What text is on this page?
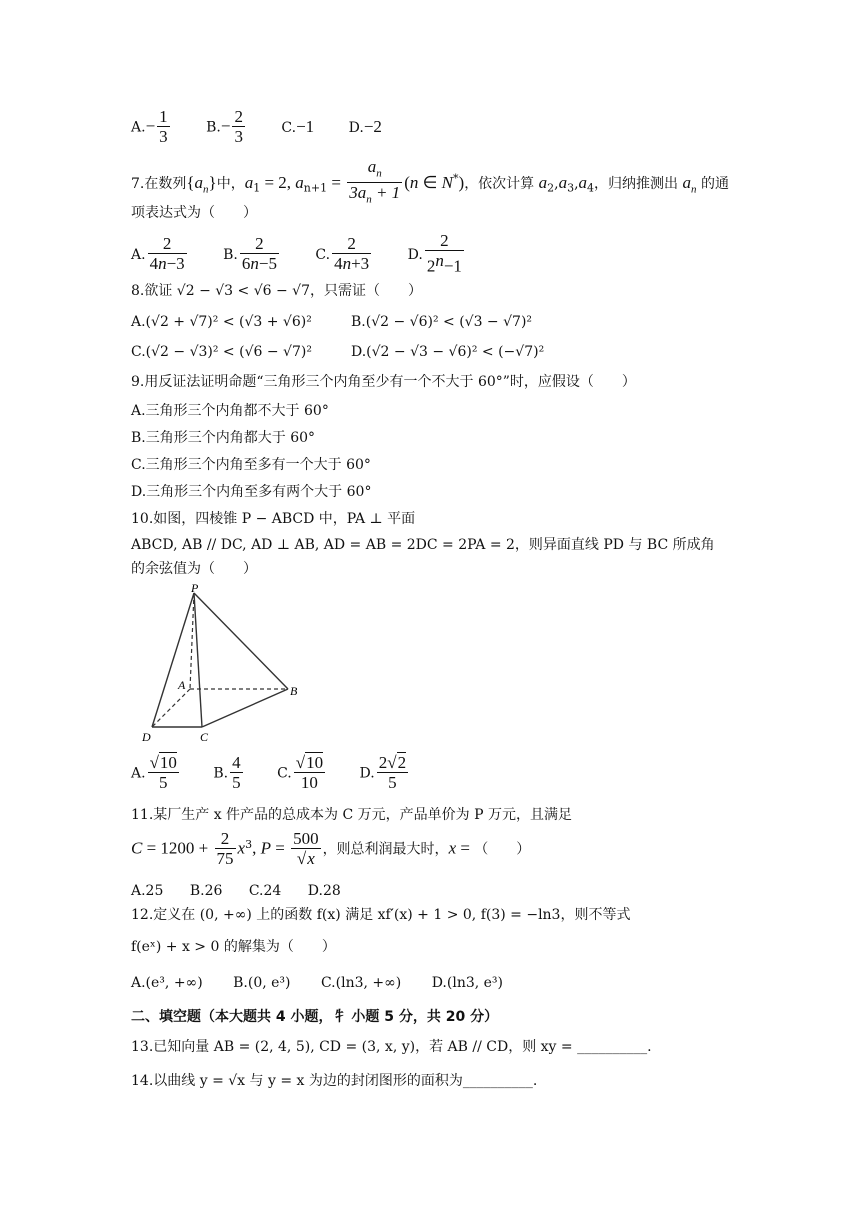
$A.- \frac{1}{3}$	$B.- \frac{2}{3}$	C.−1 D.−2
7.在数列$\{a_n\}$中，$a_1 = 2$, $a_{n+1} = \frac{a_n}{3a_n + 1} (n$ ∈ N*)，依次计算 $a_2,a_3,a_4$，归纳推测出 $a_n$ 的通
项表达式为（　　）
A. $\frac{2}{4n-3}$	B. $\frac{2}{6n-5}$	C. $\frac{2}{4n+3}$	D. $\frac{2}{2^n-1}$
8.欲证 √2 − √3 < √6 − √7，只需证（　　）
A.(√2 + √7)² < (√3 + √6)²	B.(√2 − √6)² < (√3 − √7)²
C.(√2 − √3)² < (√6 − √7)²	D.(√2 − √3 − √6)² < (−√7)²
9.用反证法证明命题“三角形三个内角至少有一个不大于 60°”时，应假设（　　）
A.三角形三个内角都不大于 60°
B.三角形三个内角都大于 60°
C.三角形三个内角至多有一个大于 60°
D.三角形三个内角至多有两个大于 60°
10.如图，四棱锥 P − ABCD 中，PA ⊥ 平面
ABCD, AB // DC, AD ⊥ AB, AD = AB = 2DC = 2PA = 2，则异面直线 PD 与 BC 所成角
的余弦值为（　　）
P
A	B
D	C
A. $\frac{√10}{5} B$. $\frac{4}{5} C$. $\frac{√10}{10} D$. $\frac{2√2}{5}$
11.某厂生产 x 件产品的总成本为 C 万元，产品单价为 P 万元，且满足
$C = 1200 + \frac{2}{75} x^3$, $P = \frac{500}{√x}$ ，则总利润最大时，x = （　　）
A.25 B.26 C.24 D.28
12.定义在 (0, +∞) 上的函数 f(x) 满足 xf′(x) + 1 > 0, f(3) = −ln3，则不等式
f(eˣ) + x > 0 的解集为（　　）
A.(e³, +∞) B.(0, e³) C.(ln3, +∞) D.(ln3, e³)
二、填空题（本大题共 4 小题，牜 小题 5 分，共 20 分）
13.已知向量 AB = (2, 4, 5), CD = (3, x, y)，若 AB // CD，则 xy = __________.
14.以曲线 y = √x 与 y = x 为边的封闭图形的面积为__________.
